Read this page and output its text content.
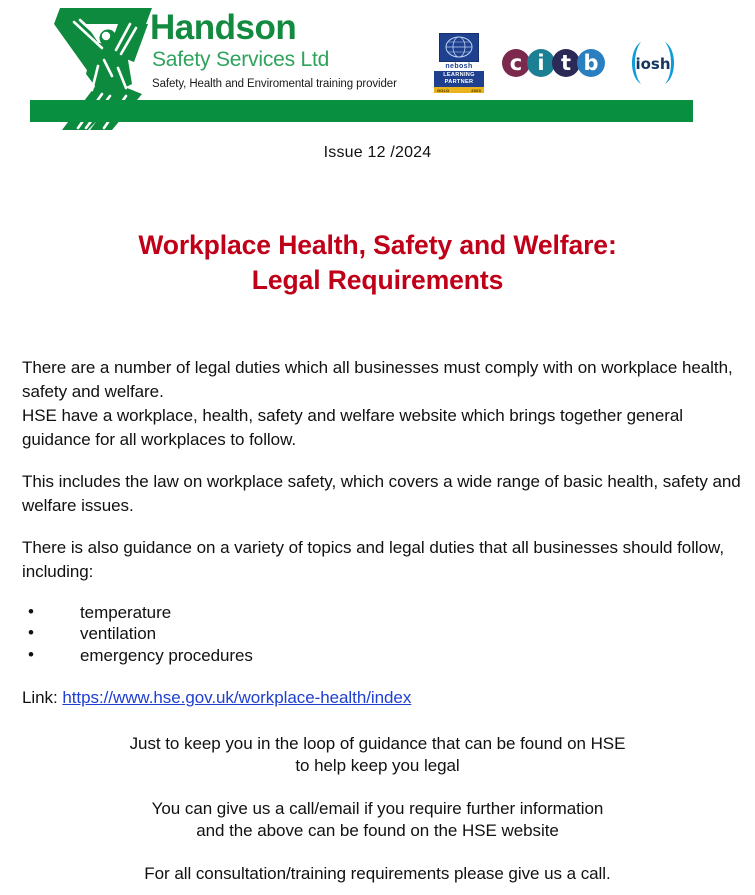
Handson
Safety Services Ltd
Safety, Health and Enviromental training provider
nebosh
LEARNING
PARTNER
GOLD	2023
c i t b	iosh
Issue 12 /2024
Workplace Health, Safety and Welfare:
Legal Requirements

There are a number of legal duties which all businesses must comply with on workplace health, safety and welfare.
HSE have a workplace, health, safety and welfare website which brings together general guidance for all workplaces to follow.

This includes the law on workplace safety, which covers a wide range of basic health, safety and welfare issues.

There is also guidance on a variety of topics and legal duties that all businesses should follow, including:

• temperature
• ventilation
• emergency procedures

Link: https://www.hse.gov.uk/workplace-health/index

Just to keep you in the loop of guidance that can be found on HSE
to help keep you legal

You can give us a call/email if you require further information
and the above can be found on the HSE website

For all consultation/training requirements please give us a call.
